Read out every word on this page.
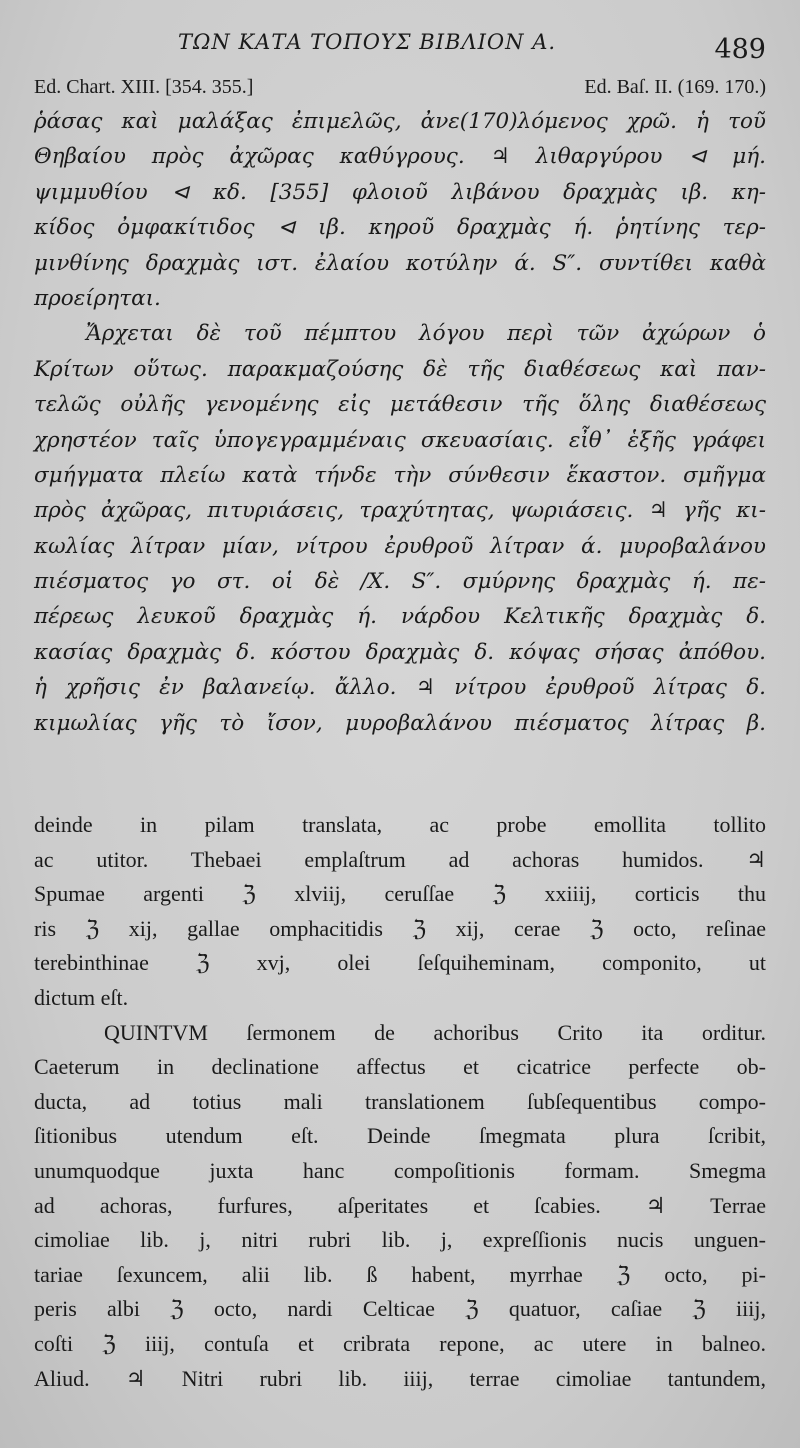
ΤΩΝ ΚΑΤΑ ΤΟΠΟΥΣ ΒΙΒΛΙΟΝ Α.	489
Ed. Chart. XIII. [354. 355.]	Ed. Baſ. II. (169. 170.)
ῥάσας καὶ μαλάξας ἐπιμελῶς, ἀνε(170)λόμενος χρῶ. ἡ τοῦ
Θηβαίου πρὸς ἀχῶρας καθύγρους. ♃ λιθαργύρου ⊲ μή.
ψιμμυθίου ⊲ κδ. [355] φλοιοῦ λιβάνου δραχμὰς ιβ. κη-
κίδος ὀμφακίτιδος ⊲ ιβ. κηροῦ δραχμὰς ή. ῥητίνης τερ-
μινθίνης δραχμὰς ιστ. ἐλαίου κοτύλην ά. S″. συντίθει καθὰ
προείρηται.
Ἄρχεται δὲ τοῦ πέμπτου λόγου περὶ τῶν ἀχώρων ὁ
Κρίτων οὕτως. παρακμαζούσης δὲ τῆς διαθέσεως καὶ παν-
τελῶς οὐλῆς γενομένης εἰς μετάθεσιν τῆς ὅλης διαθέσεως
χρηστέον ταῖς ὑπογεγραμμέναις σκευασίαις. εἶθ᾽ ἑξῆς γράφει
σμήγματα πλείω κατὰ τήνδε τὴν σύνθεσιν ἕκαστον. σμῆγμα
πρὸς ἀχῶρας, πιτυριάσεις, τραχύτητας, ψωριάσεις. ♃ γῆς κι-
κωλίας λίτραν μίαν, νίτρου ἐρυθροῦ λίτραν ά. μυροβαλάνου
πιέσματος γο στ. οἱ δὲ /X. S″. σμύρνης δραχμὰς ή. πε-
πέρεως λευκοῦ δραχμὰς ή. νάρδου Κελτικῆς δραχμὰς δ.
κασίας δραχμὰς δ. κόστου δραχμὰς δ. κόψας σήσας ἀπόθου.
ἡ χρῆσις ἐν βαλανείῳ. ἄλλο. ♃ νίτρου ἐρυθροῦ λίτρας δ.
κιμωλίας γῆς τὸ ἴσον, μυροβαλάνου πιέσματος λίτρας β.
deinde in pilam translata, ac probe emollita tollito
ac utitor. Thebaei emplaſtrum ad achoras humidos. ♃
Spumae argenti ℨ xlviij, ceruſſae ℨ xxiiij, corticis thu
ris ℨ xij, gallae omphacitidis ℨ xij, cerae ℨ octo, reſinae
terebinthinae ℨ xvj, olei ſeſquiheminam, componito, ut
dictum eſt.
QUINTVM ſermonem de achoribus Crito ita orditur.
Caeterum in declinatione affectus et cicatrice perfecte ob-
ducta, ad totius mali translationem ſubſequentibus compo-
ſitionibus utendum eſt. Deinde ſmegmata plura ſcribit,
unumquodque juxta hanc compoſitionis formam. Smegma
ad achoras, furfures, aſperitates et ſcabies. ♃ Terrae
cimoliae lib. j, nitri rubri lib. j, expreſſionis nucis unguen-
tariae ſexuncem, alii lib. ß habent, myrrhae ℨ octo, pi-
peris albi ℨ octo, nardi Celticae ℨ quatuor, caſiae ℨ iiij,
coſti ℨ iiij, contuſa et cribrata repone, ac utere in balneo.
Aliud. ♃ Nitri rubri lib. iiij, terrae cimoliae tantundem,
